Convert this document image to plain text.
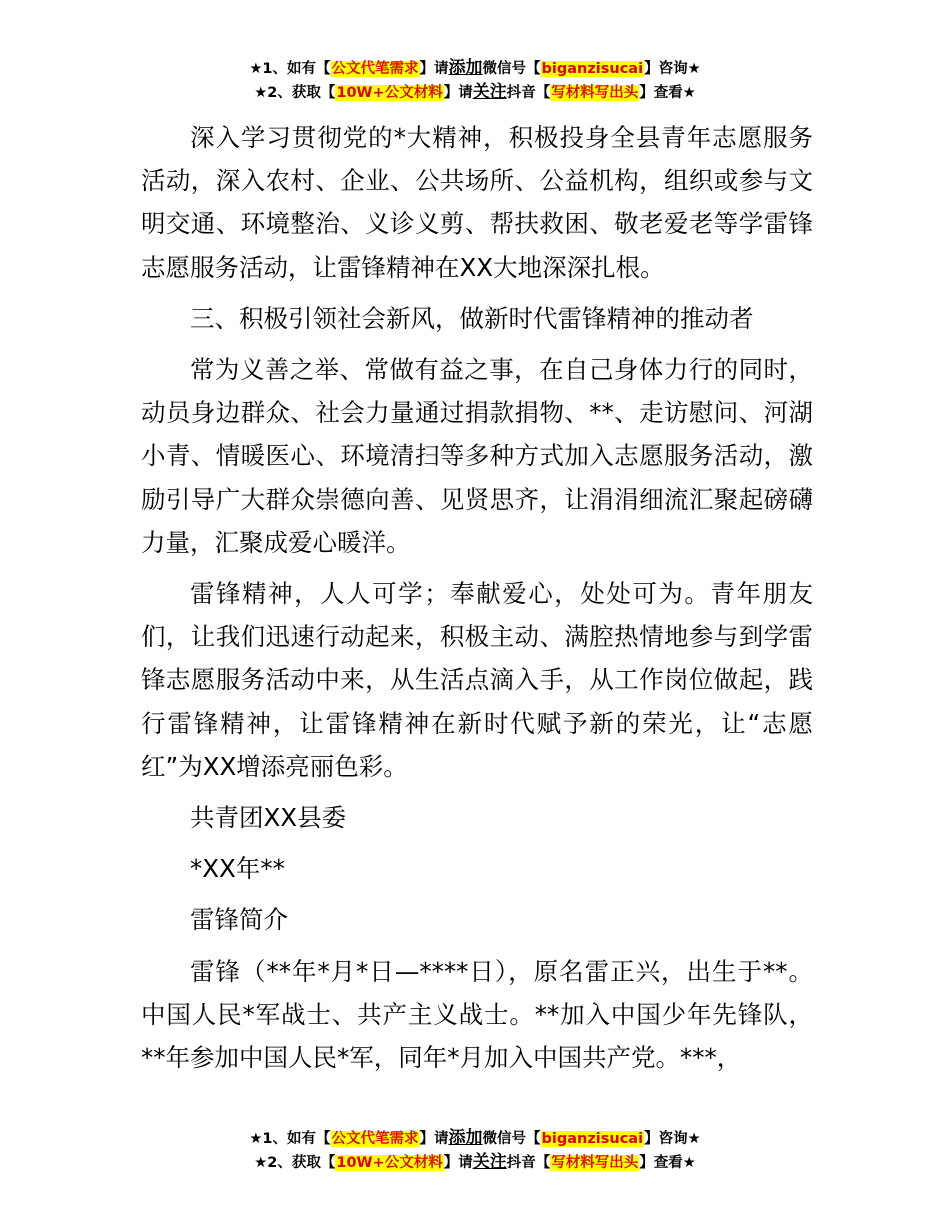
★1、如有【公文代笔需求】请添加微信号【biganzisucai】咨询★
★2、获取【10W+公文材料】请关注抖音【写材料写出头】查看★

深入学习贯彻党的*大精神，积极投身全县青年志愿服务活动，深入农村、企业、公共场所、公益机构，组织或参与文明交通、环境整治、义诊义剪、帮扶救困、敬老爱老等学雷锋志愿服务活动，让雷锋精神在XX大地深深扎根。

三、积极引领社会新风，做新时代雷锋精神的推动者

常为义善之举、常做有益之事，在自己身体力行的同时，动员身边群众、社会力量通过捐款捐物、**、走访慰问、河湖小青、情暖医心、环境清扫等多种方式加入志愿服务活动，激励引导广大群众崇德向善、见贤思齐，让涓涓细流汇聚起磅礴力量，汇聚成爱心暖洋。

雷锋精神，人人可学；奉献爱心，处处可为。青年朋友们，让我们迅速行动起来，积极主动、满腔热情地参与到学雷锋志愿服务活动中来，从生活点滴入手，从工作岗位做起，践行雷锋精神，让雷锋精神在新时代赋予新的荣光，让“志愿红”为XX增添亮丽色彩。

共青团XX县委

*XX年**

雷锋简介

雷锋（**年*月*日—****日），原名雷正兴，出生于**。中国人民*军战士、共产主义战士。**加入中国少年先锋队，**年参加中国人民*军，同年*月加入中国共产党。***，

★1、如有【公文代笔需求】请添加微信号【biganzisucai】咨询★
★2、获取【10W+公文材料】请关注抖音【写材料写出头】查看★
